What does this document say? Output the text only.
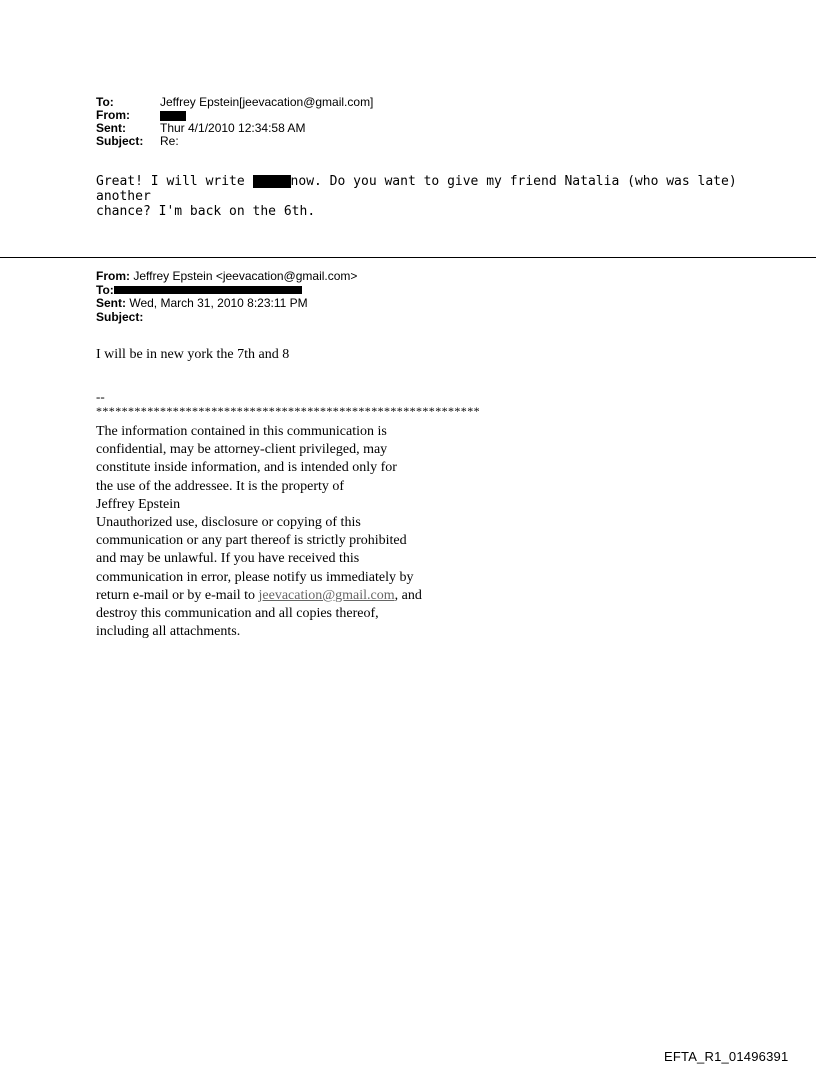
To:	Jeffrey Epstein[jeevacation@gmail.com]
From:
Sent:	Thur 4/1/2010 12:34:58 AM
Subject:	Re:
Great! I will write	now. Do you want to give my friend Natalia (who was late) another
chance? I'm back on the 6th.
From: Jeffrey Epstein <jeevacation@gmail.com>
To:
Sent: Wed, March 31, 2010 8:23:11 PM
Subject:
I will be in new york the 7th and 8
--
************************************************************
The information contained in this communication is
confidential, may be attorney-client privileged, may
constitute inside information, and is intended only for
the use of the addressee. It is the property of
Jeffrey Epstein
Unauthorized use, disclosure or copying of this
communication or any part thereof is strictly prohibited
and may be unlawful. If you have received this
communication in error, please notify us immediately by
return e-mail or by e-mail to jeevacation@gmail.com, and
destroy this communication and all copies thereof,
including all attachments.
EFTA_R1_01496391
